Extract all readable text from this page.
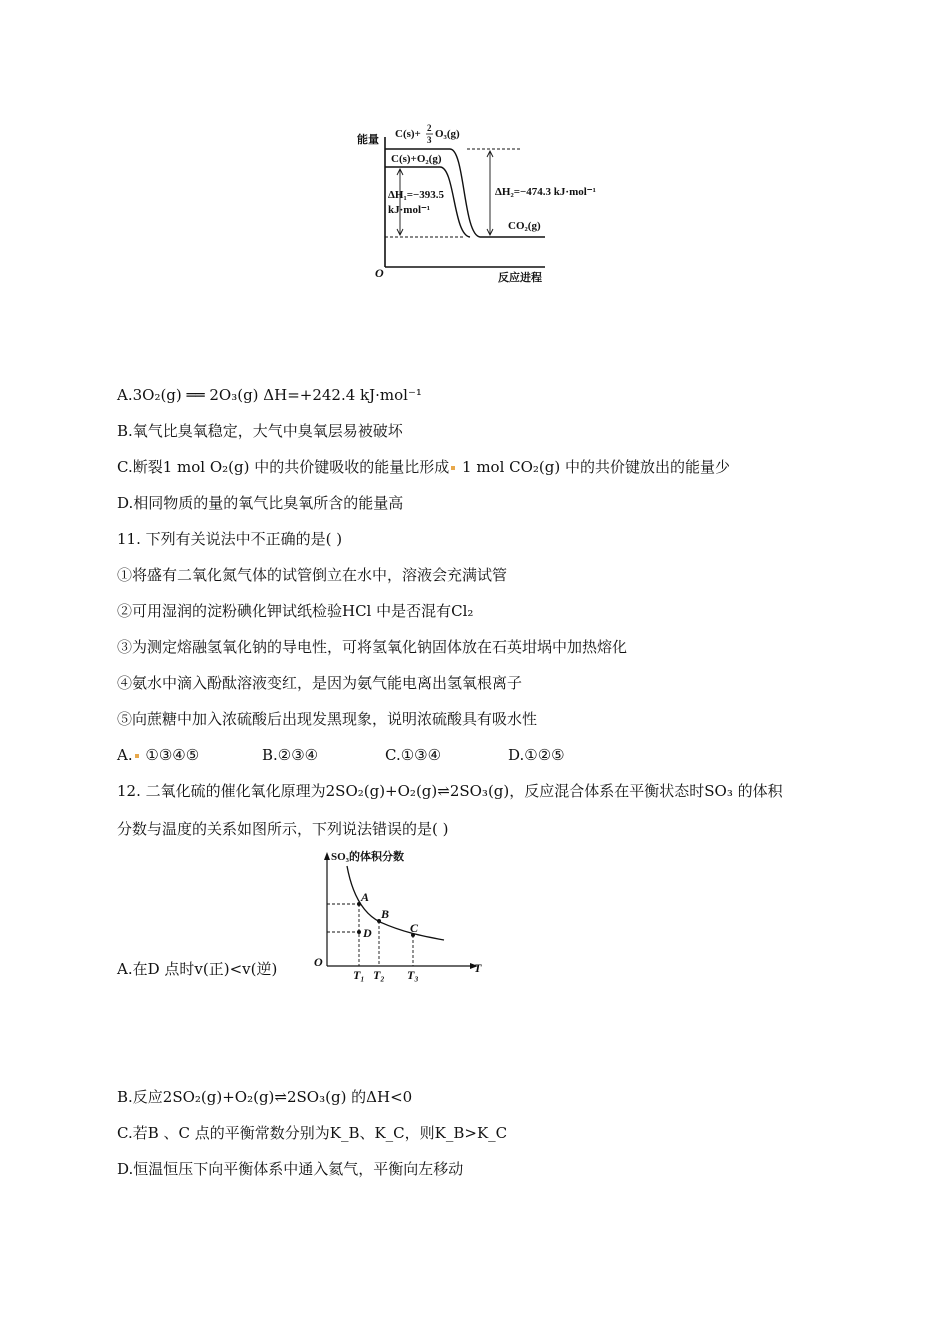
能量
O	反应进程
C(s)+ 2
3 O₃(g)
C(s)+O₂(g)
ΔH₁=−393.5
kJ·mol⁻¹
ΔH₂=−474.3 kJ·mol⁻¹
CO₂(g)
A.3O₂(g) ══ 2O₃(g) ΔH=+242.4 kJ·mol⁻¹
B.氧气比臭氧稳定，大气中臭氧层易被破坏
C.断裂1 mol O₂(g) 中的共价键吸收的能量比形成 1 mol CO₂(g) 中的共价键放出的能量少
D.相同物质的量的氧气比臭氧所含的能量高
11. 下列有关说法中不正确的是( )
①将盛有二氧化氮气体的试管倒立在水中，溶液会充满试管
②可用湿润的淀粉碘化钾试纸检验HCl 中是否混有Cl₂
③为测定熔融氢氧化钠的导电性，可将氢氧化钠固体放在石英坩埚中加热熔化
④氨水中滴入酚酞溶液变红，是因为氨气能电离出氢氧根离子
⑤向蔗糖中加入浓硫酸后出现发黑现象，说明浓硫酸具有吸水性
A. ①③④⑤	B.②③④	C.①③④	D.①②⑤
12. 二氧化硫的催化氧化原理为2SO₂(g)+O₂(g)⇌2SO₃(g)，反应混合体系在平衡状态时SO₃ 的体积
分数与温度的关系如图所示，下列说法错误的是( )
SO₃的体积分数
O	T
A
D
B
C
T₁ T₂ T₃
A.在D 点时v(正)<v(逆)
B.反应2SO₂(g)+O₂(g)⇌2SO₃(g) 的ΔH<0
C.若B 、C 点的平衡常数分别为K_B、K_C，则K_B>K_C
D.恒温恒压下向平衡体系中通入氦气，平衡向左移动
